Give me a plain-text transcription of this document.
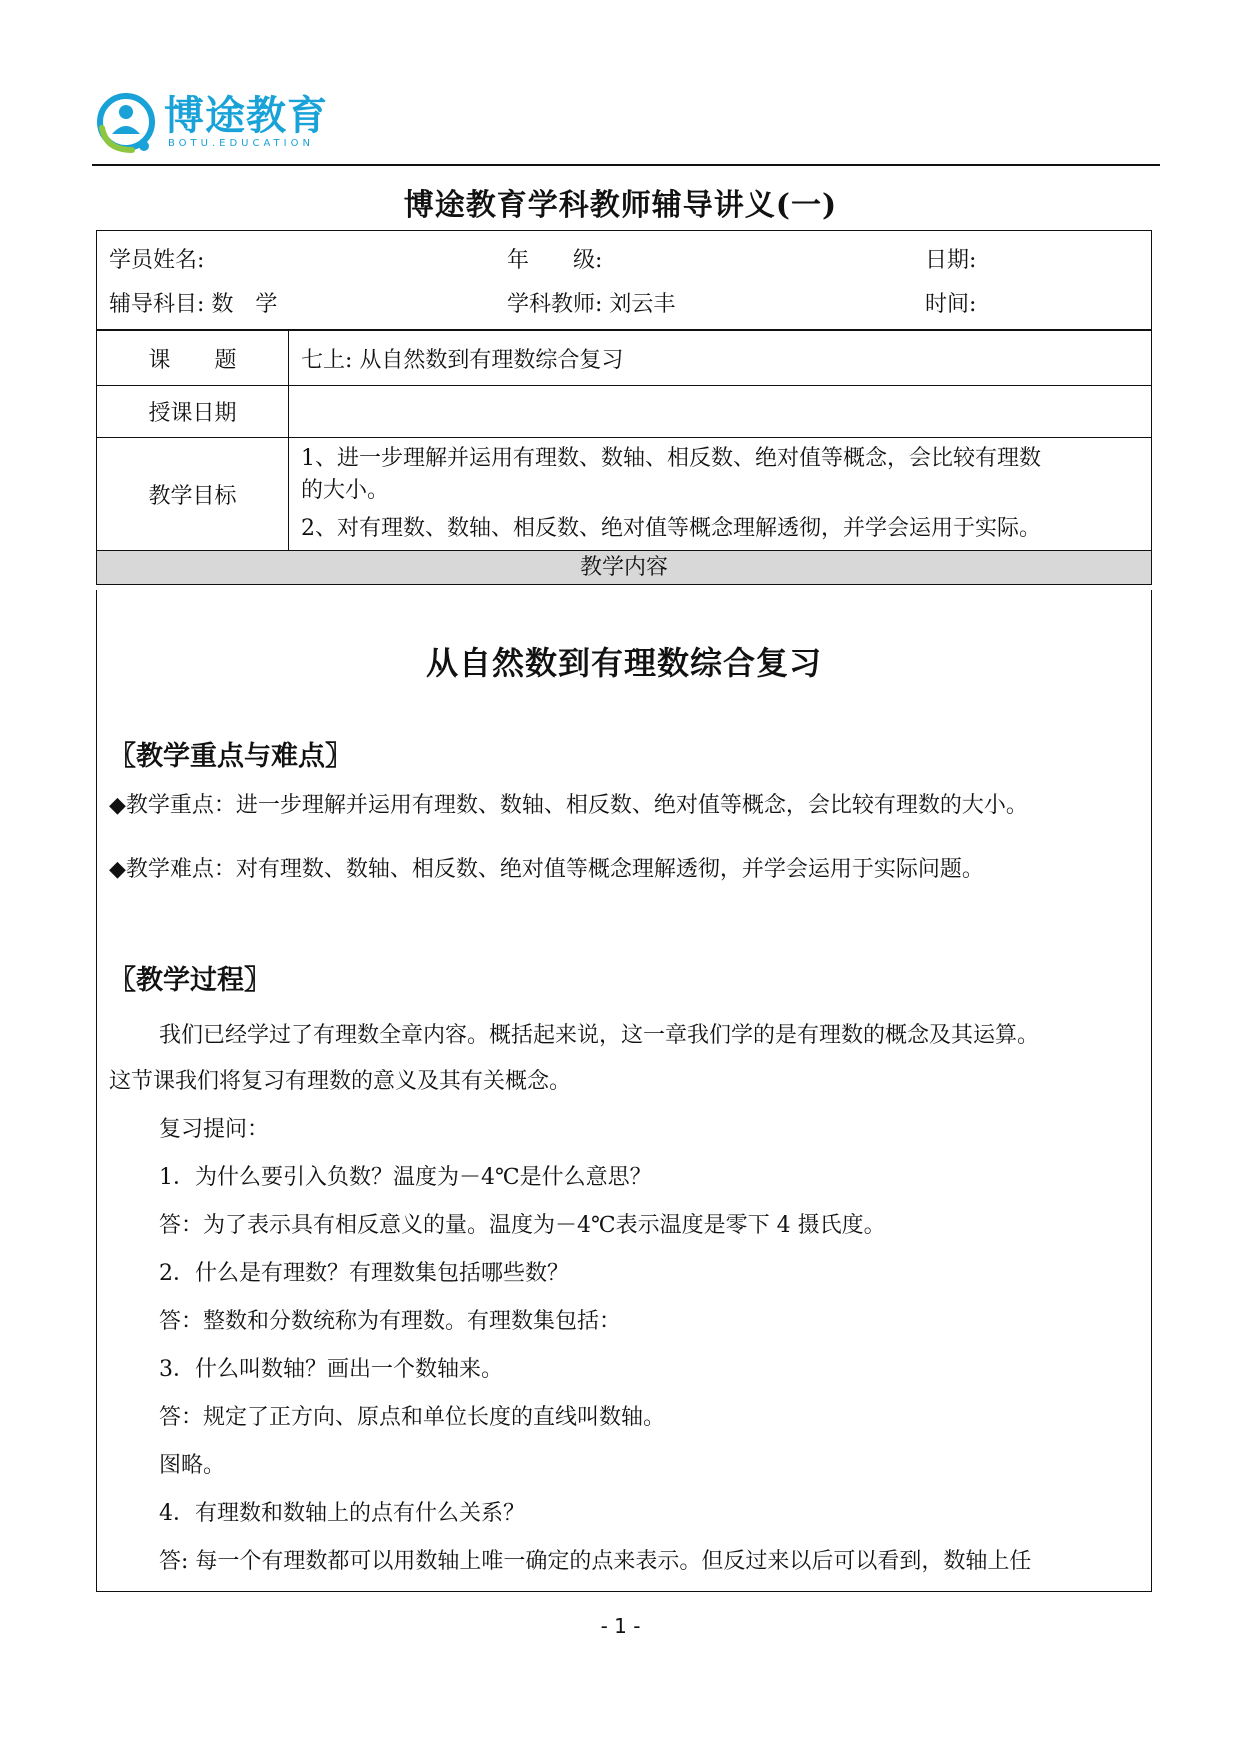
博途教育
BOTU.EDUCATION
博途教育学科教师辅导讲义(一)
学员姓名:	年　　级:	日期:
辅导科目: 数　学	学科教师: 刘云丰	时间:
课　　题	七上: 从自然数到有理数综合复习
授课日期	
教学目标	1、进一步理解并运用有理数、数轴、相反数、绝对值等概念，会比较有理数
的大小。
2、对有理数、数轴、相反数、绝对值等概念理解透彻，并学会运用于实际。

教学内容	
从自然数到有理数综合复习
〖教学重点与难点〗
◆教学重点：进一步理解并运用有理数、数轴、相反数、绝对值等概念，会比较有理数的大小。
◆教学难点：对有理数、数轴、相反数、绝对值等概念理解透彻，并学会运用于实际问题。
〖教学过程〗
我们已经学过了有理数全章内容。概括起来说，这一章我们学的是有理数的概念及其运算。
这节课我们将复习有理数的意义及其有关概念。
复习提问：
1．为什么要引入负数？温度为－4℃是什么意思？
答：为了表示具有相反意义的量。温度为－4℃表示温度是零下 4 摄氏度。
2．什么是有理数？有理数集包括哪些数？
答：整数和分数统称为有理数。有理数集包括：
3．什么叫数轴？画出一个数轴来。
答：规定了正方向、原点和单位长度的直线叫数轴。
图略。
4．有理数和数轴上的点有什么关系？
答: 每一个有理数都可以用数轴上唯一确定的点来表示。但反过来以后可以看到，数轴上任
- 1 -
